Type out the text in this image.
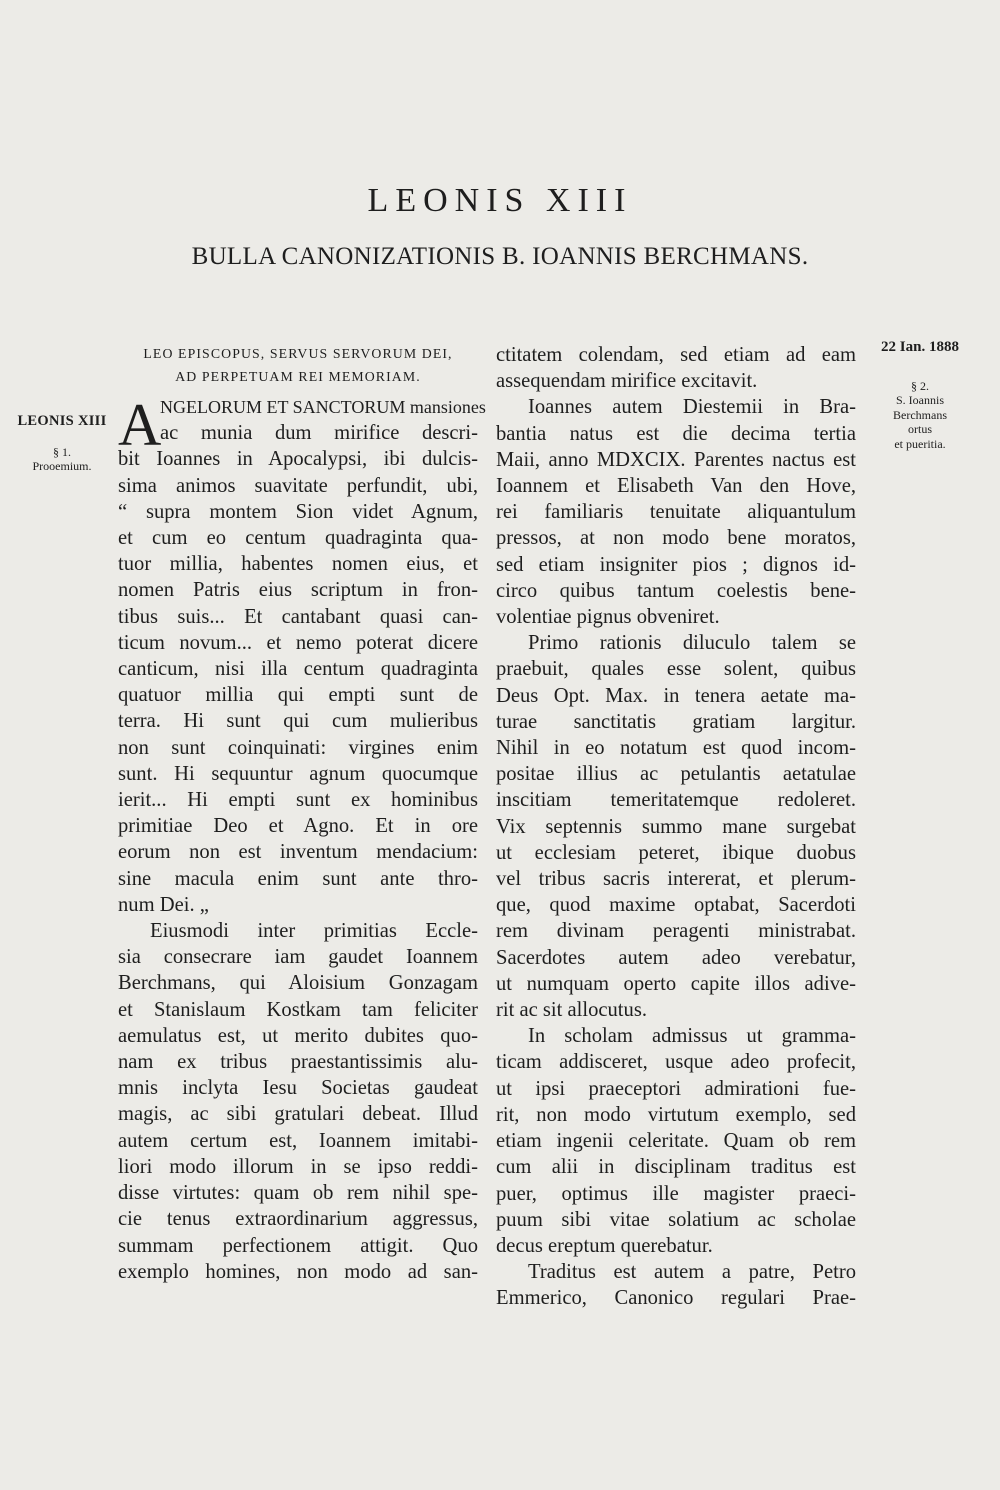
LEONIS XIII
BULLA CANONIZATIONIS B. IOANNIS BERCHMANS.
LEONIS XIII
§ 1.
Prooemium.
22 Ian. 1888
§ 2.
S. Ioannis
Berchmans
ortus
et pueritia.
LEO EPISCOPUS, SERVUS SERVORUM DEI,
AD PERPETUAM REI MEMORIAM.
A
NGELORUM ET SANCTORUM mansiones
ac munia dum mirifice descri-
bit Ioannes in Apocalypsi, ibi dulcis-
sima animos suavitate perfundit, ubi,
“ supra montem Sion videt Agnum,
et cum eo centum quadraginta qua-
tuor millia, habentes nomen eius, et
nomen Patris eius scriptum in fron-
tibus suis... Et cantabant quasi can-
ticum novum... et nemo poterat dicere
canticum, nisi illa centum quadraginta
quatuor millia qui empti sunt de
terra. Hi sunt qui cum mulieribus
non sunt coinquinati: virgines enim
sunt. Hi sequuntur agnum quocumque
ierit... Hi empti sunt ex hominibus
primitiae Deo et Agno. Et in ore
eorum non est inventum mendacium:
sine macula enim sunt ante thro-
num Dei. „
Eiusmodi inter primitias Eccle-
sia consecrare iam gaudet Ioannem
Berchmans, qui Aloisium Gonzagam
et Stanislaum Kostkam tam feliciter
aemulatus est, ut merito dubites quo-
nam ex tribus praestantissimis alu-
mnis inclyta Iesu Societas gaudeat
magis, ac sibi gratulari debeat. Illud
autem certum est, Ioannem imitabi-
liori modo illorum in se ipso reddi-
disse virtutes: quam ob rem nihil spe-
cie tenus extraordinarium aggressus,
summam perfectionem attigit. Quo
exemplo homines, non modo ad san-
ctitatem colendam, sed etiam ad eam
assequendam mirifice excitavit.
Ioannes autem Diestemii in Bra-
bantia natus est die decima tertia
Maii, anno MDXCIX. Parentes nactus est
Ioannem et Elisabeth Van den Hove,
rei familiaris tenuitate aliquantulum
pressos, at non modo bene moratos,
sed etiam insigniter pios ; dignos id-
circo quibus tantum coelestis bene-
volentiae pignus obveniret.
Primo rationis diluculo talem se
praebuit, quales esse solent, quibus
Deus Opt. Max. in tenera aetate ma-
turae sanctitatis gratiam largitur.
Nihil in eo notatum est quod incom-
positae illius ac petulantis aetatulae
inscitiam temeritatemque redoleret.
Vix septennis summo mane surgebat
ut ecclesiam peteret, ibique duobus
vel tribus sacris intererat, et plerum-
que, quod maxime optabat, Sacerdoti
rem divinam peragenti ministrabat.
Sacerdotes autem adeo verebatur,
ut numquam operto capite illos adive-
rit ac sit allocutus.
In scholam admissus ut gramma-
ticam addisceret, usque adeo profecit,
ut ipsi praeceptori admirationi fue-
rit, non modo virtutum exemplo, sed
etiam ingenii celeritate. Quam ob rem
cum alii in disciplinam traditus est
puer, optimus ille magister praeci-
puum sibi vitae solatium ac scholae
decus ereptum querebatur.
Traditus est autem a patre, Petro
Emmerico, Canonico regulari Prae-
